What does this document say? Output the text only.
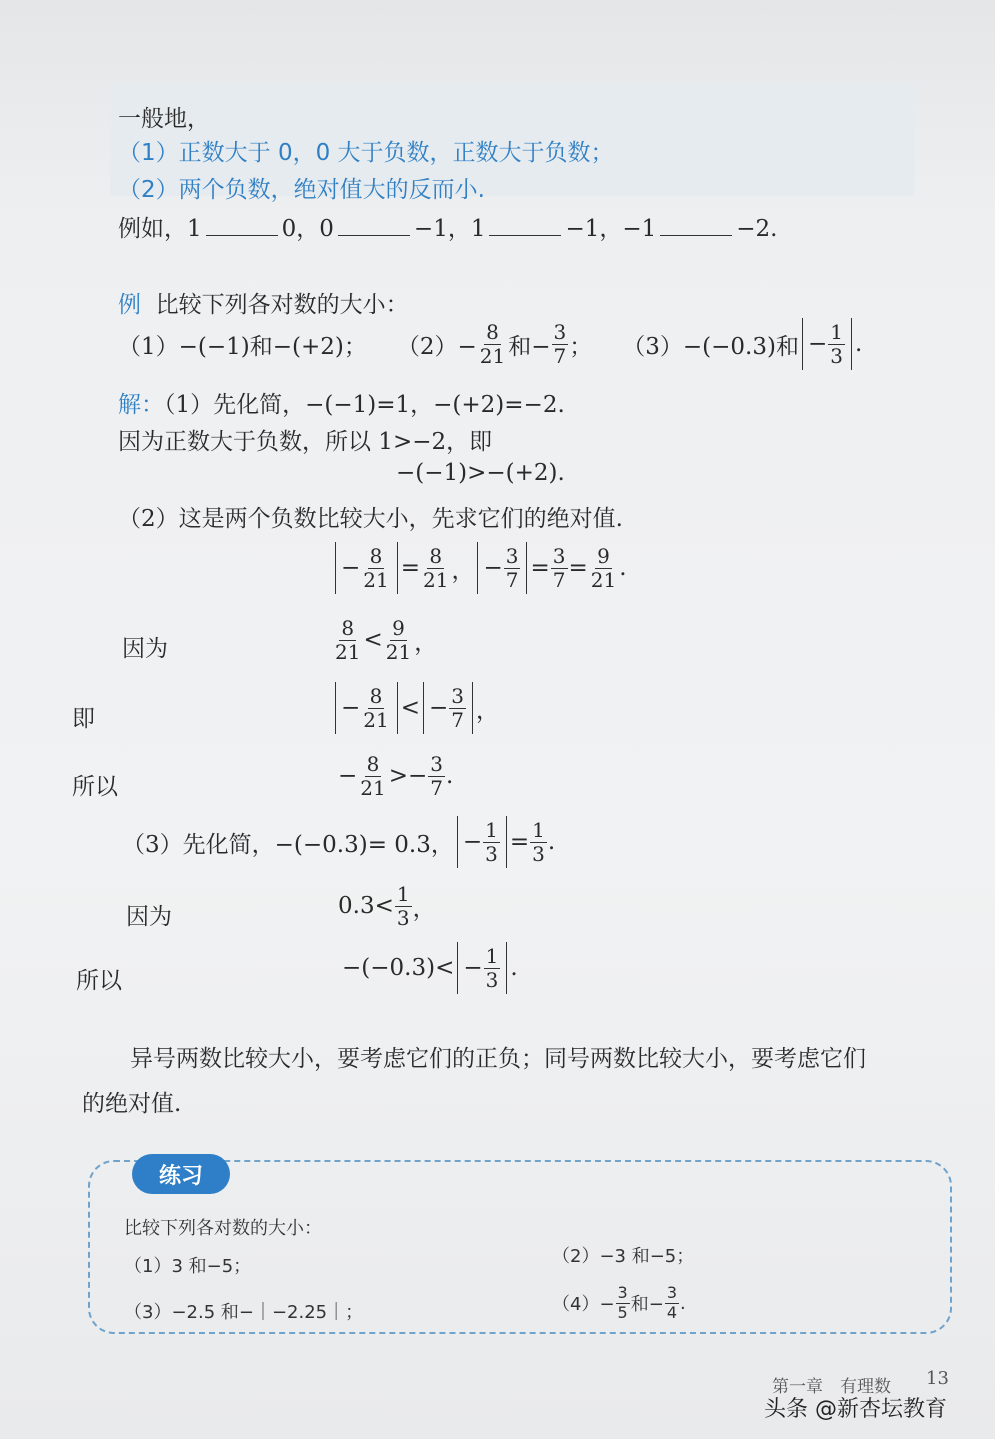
一般地，
（1）正数大于 0，0 大于负数，正数大于负数；
（2）两个负数，绝对值大的反而小.
例如，1	0，0	−1，1	−1，−1	−2.
例 比较下列各对数的大小：
（1）−(−1)和−(+2)； $(2)- \frac{8}{21}$ 和− $\frac{3}{7}$ ； （3）−(−0.3)和 − $\frac{1}{3}$ .
解：（1）先化简，−(−1)=1，−(+2)=−2.
因为正数大于负数，所以 1>−2，即
−(−1)>−(+2).
（2）这是两个负数比较大小，先求它们的绝对值.
− $\frac{8}{21} = \frac{8}{21}$ ， − $\frac{3}{7} = \frac{3}{7} = \frac{9}{21}$ .
因为	$\frac{8}{21} < \frac{9}{21}$ ，
即	− $\frac{8}{21}$ < − $\frac{3}{7}$ ，
所以	− $\frac{8}{21} >- \frac{3}{7}$ .
（3）先化简，−(−0.3)= 0.3， − $\frac{1}{3} = \frac{1}{3}$ .
因为	$0.3< \frac{1}{3}$ ，
所以	$-(-0.3)< - \frac{1}{3}$ .
异号两数比较大小，要考虑它们的正负；同号两数比较大小，要考虑它们
的绝对值.
练习
比较下列各对数的大小：
（1）3 和−5；	（2）−3 和−5；
（3）−2.5 和−｜−2.25｜；	$(4)- \frac{3}{5}$ 和− $\frac{3}{4}$ .
第一章　有理数 13
头条 @新杏坛教育
